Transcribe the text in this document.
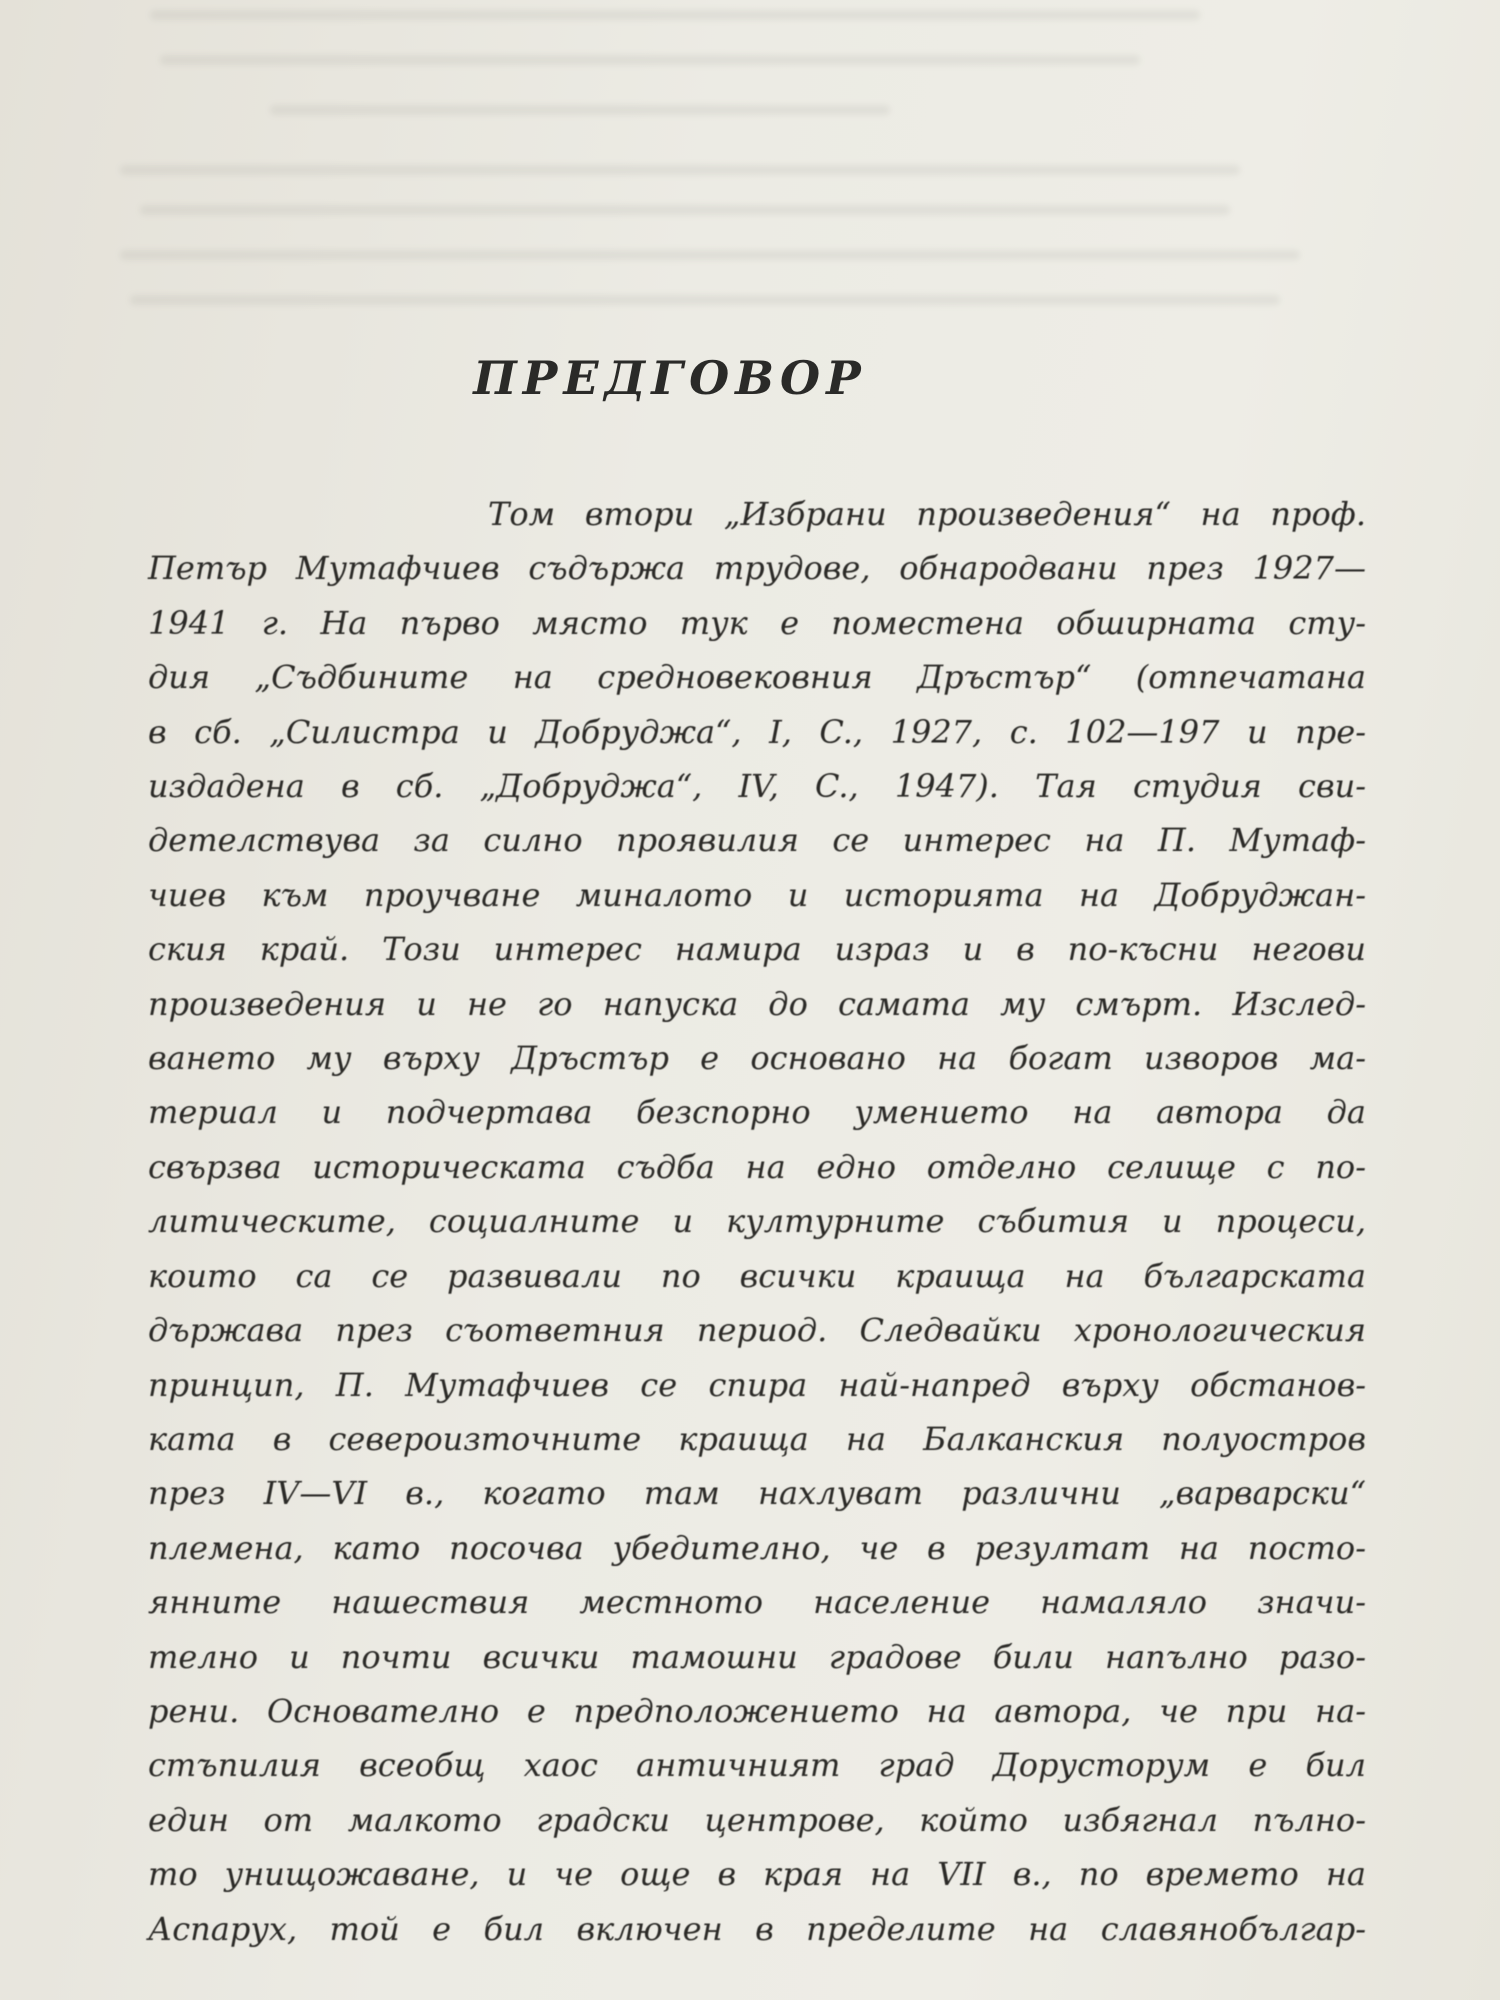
ПРЕДГОВОР
Том втори „Избрани произведения“ на проф.
Петър Мутафчиев съдържа трудове, обнародвани през 1927—
1941 г. На първо място тук е поместена обширната сту-
дия „Съдбините на средновековния Дръстър“ (отпечатана
в сб. „Силистра и Добруджа“, I, C., 1927, с. 102—197 и пре-
издадена в сб. „Добруджа“, IV, C., 1947). Тая студия сви-
детелствува за силно проявилия се интерес на П. Мутаф-
чиев към проучване миналото и историята на Добруджан-
ския край. Този интерес намира израз и в по-късни негови
произведения и не го напуска до самата му смърт. Изслед-
ването му върху Дръстър е основано на богат изворов ма-
териал и подчертава безспорно умението на автора да
свързва историческата съдба на едно отделно селище с по-
литическите, социалните и културните събития и процеси,
които са се развивали по всички краища на българската
държава през съответния период. Следвайки хронологическия
принцип, П. Мутафчиев се спира най-напред върху обстанов-
ката в североизточните краища на Балканския полуостров
през IV—VI в., когато там нахлуват различни „варварски“
племена, като посочва убедително, че в резултат на посто-
янните нашествия местното население намаляло значи-
телно и почти всички тамошни градове били напълно разо-
рени. Основателно е предположението на автора, че при на-
стъпилия всеобщ хаос античният град Дорусторум е бил
един от малкото градски центрове, който избягнал пълно-
то унищожаване, и че още в края на VII в., по времето на
Аспарух, той е бил включен в пределите на славянобългар-
